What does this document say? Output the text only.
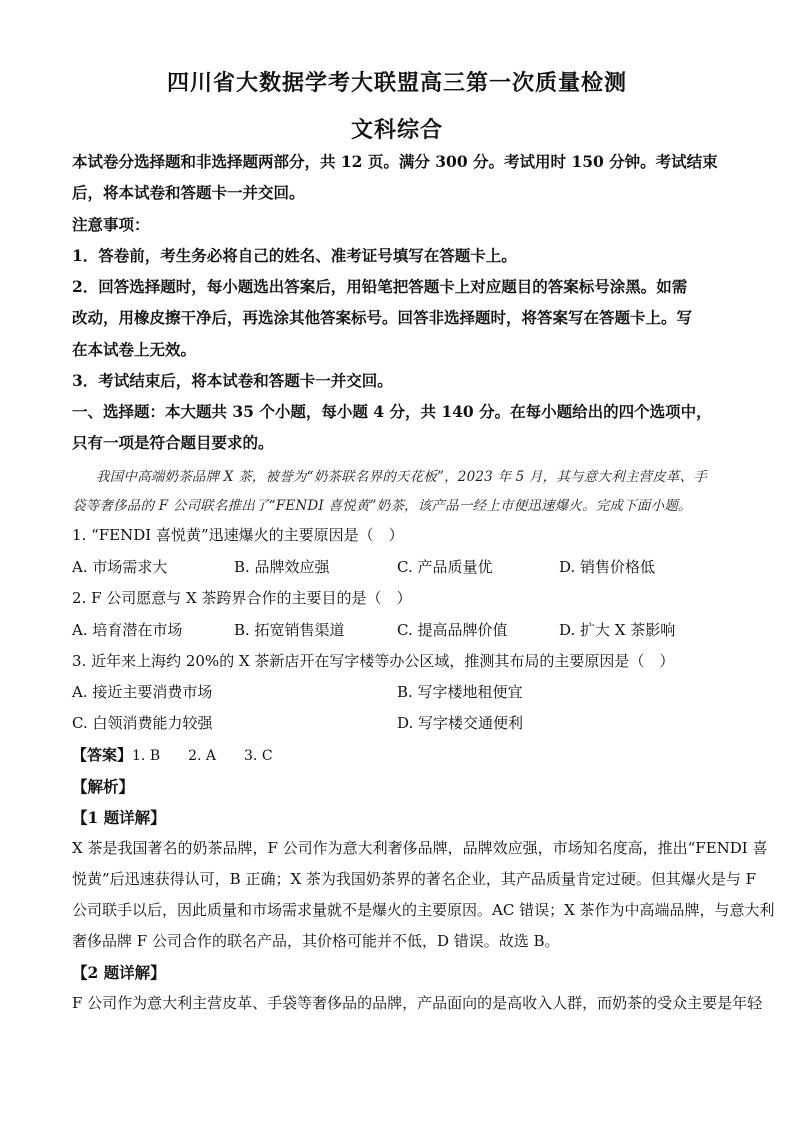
四川省大数据学考大联盟高三第一次质量检测
文科综合
本试卷分选择题和非选择题两部分，共 12 页。满分 300 分。考试用时 150 分钟。考试结束
后，将本试卷和答题卡一并交回。
注意事项：
1．答卷前，考生务必将自己的姓名、准考证号填写在答题卡上。
2．回答选择题时，每小题选出答案后，用铅笔把答题卡上对应题目的答案标号涂黑。如需
改动，用橡皮擦干净后，再选涂其他答案标号。回答非选择题时，将答案写在答题卡上。写
在本试卷上无效。
3．考试结束后，将本试卷和答题卡一并交回。
一、选择题：本大题共 35 个小题，每小题 4 分，共 140 分。在每小题给出的四个选项中，
只有一项是符合题目要求的。
我国中高端奶茶品牌 X 茶，被誉为“奶茶联名界的天花板”，2023 年 5 月，其与意大利主营皮革、手
袋等奢侈品的 F 公司联名推出了“FENDI 喜悦黄”奶茶，该产品一经上市便迅速爆火。完成下面小题。
1. “FENDI 喜悦黄”迅速爆火的主要原因是（　）
A. 市场需求大	B. 品牌效应强	C. 产品质量优	D. 销售价格低
2. F 公司愿意与 X 茶跨界合作的主要目的是（　）
A. 培育潜在市场	B. 拓宽销售渠道	C. 提高品牌价值	D. 扩大 X 茶影响
3. 近年来上海约 20%的 X 茶新店开在写字楼等办公区域，推测其布局的主要原因是（　）
A. 接近主要消费市场	B. 写字楼地租便宜
C. 白领消费能力较强	D. 写字楼交通便利
【答案】1. B　　2. A　　3. C
【解析】
【1 题详解】
X 茶是我国著名的奶茶品牌，F 公司作为意大利奢侈品牌，品牌效应强，市场知名度高，推出“FENDI 喜
悦黄”后迅速获得认可，B 正确；X 茶为我国奶茶界的著名企业，其产品质量肯定过硬。但其爆火是与 F
公司联手以后，因此质量和市场需求量就不是爆火的主要原因。AC 错误；X 茶作为中高端品牌，与意大利
奢侈品牌 F 公司合作的联名产品，其价格可能并不低，D 错误。故选 B。
【2 题详解】
F 公司作为意大利主营皮革、手袋等奢侈品的品牌，产品面向的是高收入人群，而奶茶的受众主要是年轻
